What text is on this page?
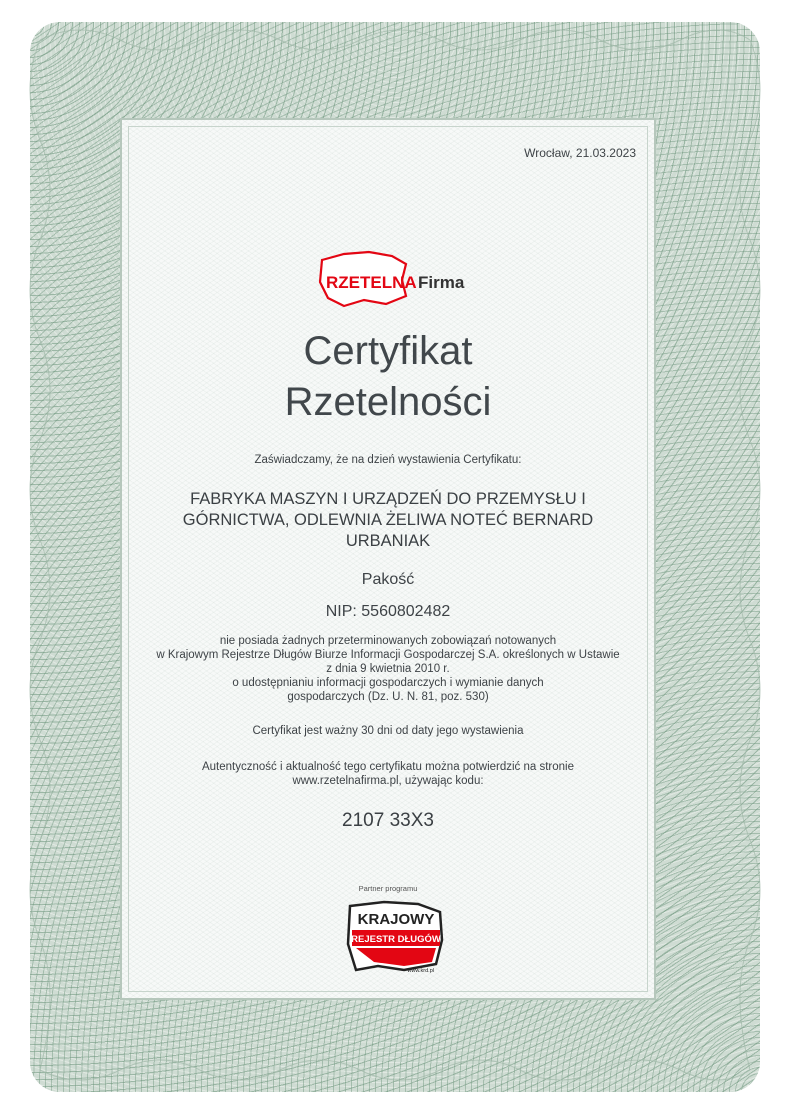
Wrocław, 21.03.2023
RZETELNA Firma
Certyfikat
Rzetelności
Zaświadczamy, że na dzień wystawienia Certyfikatu:
FABRYKA MASZYN I URZĄDZEŃ DO PRZEMYSŁU I
GÓRNICTWA, ODLEWNIA ŻELIWA NOTEĆ BERNARD
URBANIAK
Pakość
NIP: 5560802482
nie posiada żadnych przeterminowanych zobowiązań notowanych
w Krajowym Rejestrze Długów Biurze Informacji Gospodarczej S.A. określonych w Ustawie
z dnia 9 kwietnia 2010 r.
o udostępnianiu informacji gospodarczych i wymianie danych
gospodarczych (Dz. U. N. 81, poz. 530)
Certyfikat jest ważny 30 dni od daty jego wystawienia
Autentyczność i aktualność tego certyfikatu można potwierdzić na stronie
www.rzetelnafirma.pl, używając kodu:
2107 33X3
Partner programu
KRAJOWY
REJESTR DŁUGÓW
www.krd.pl
